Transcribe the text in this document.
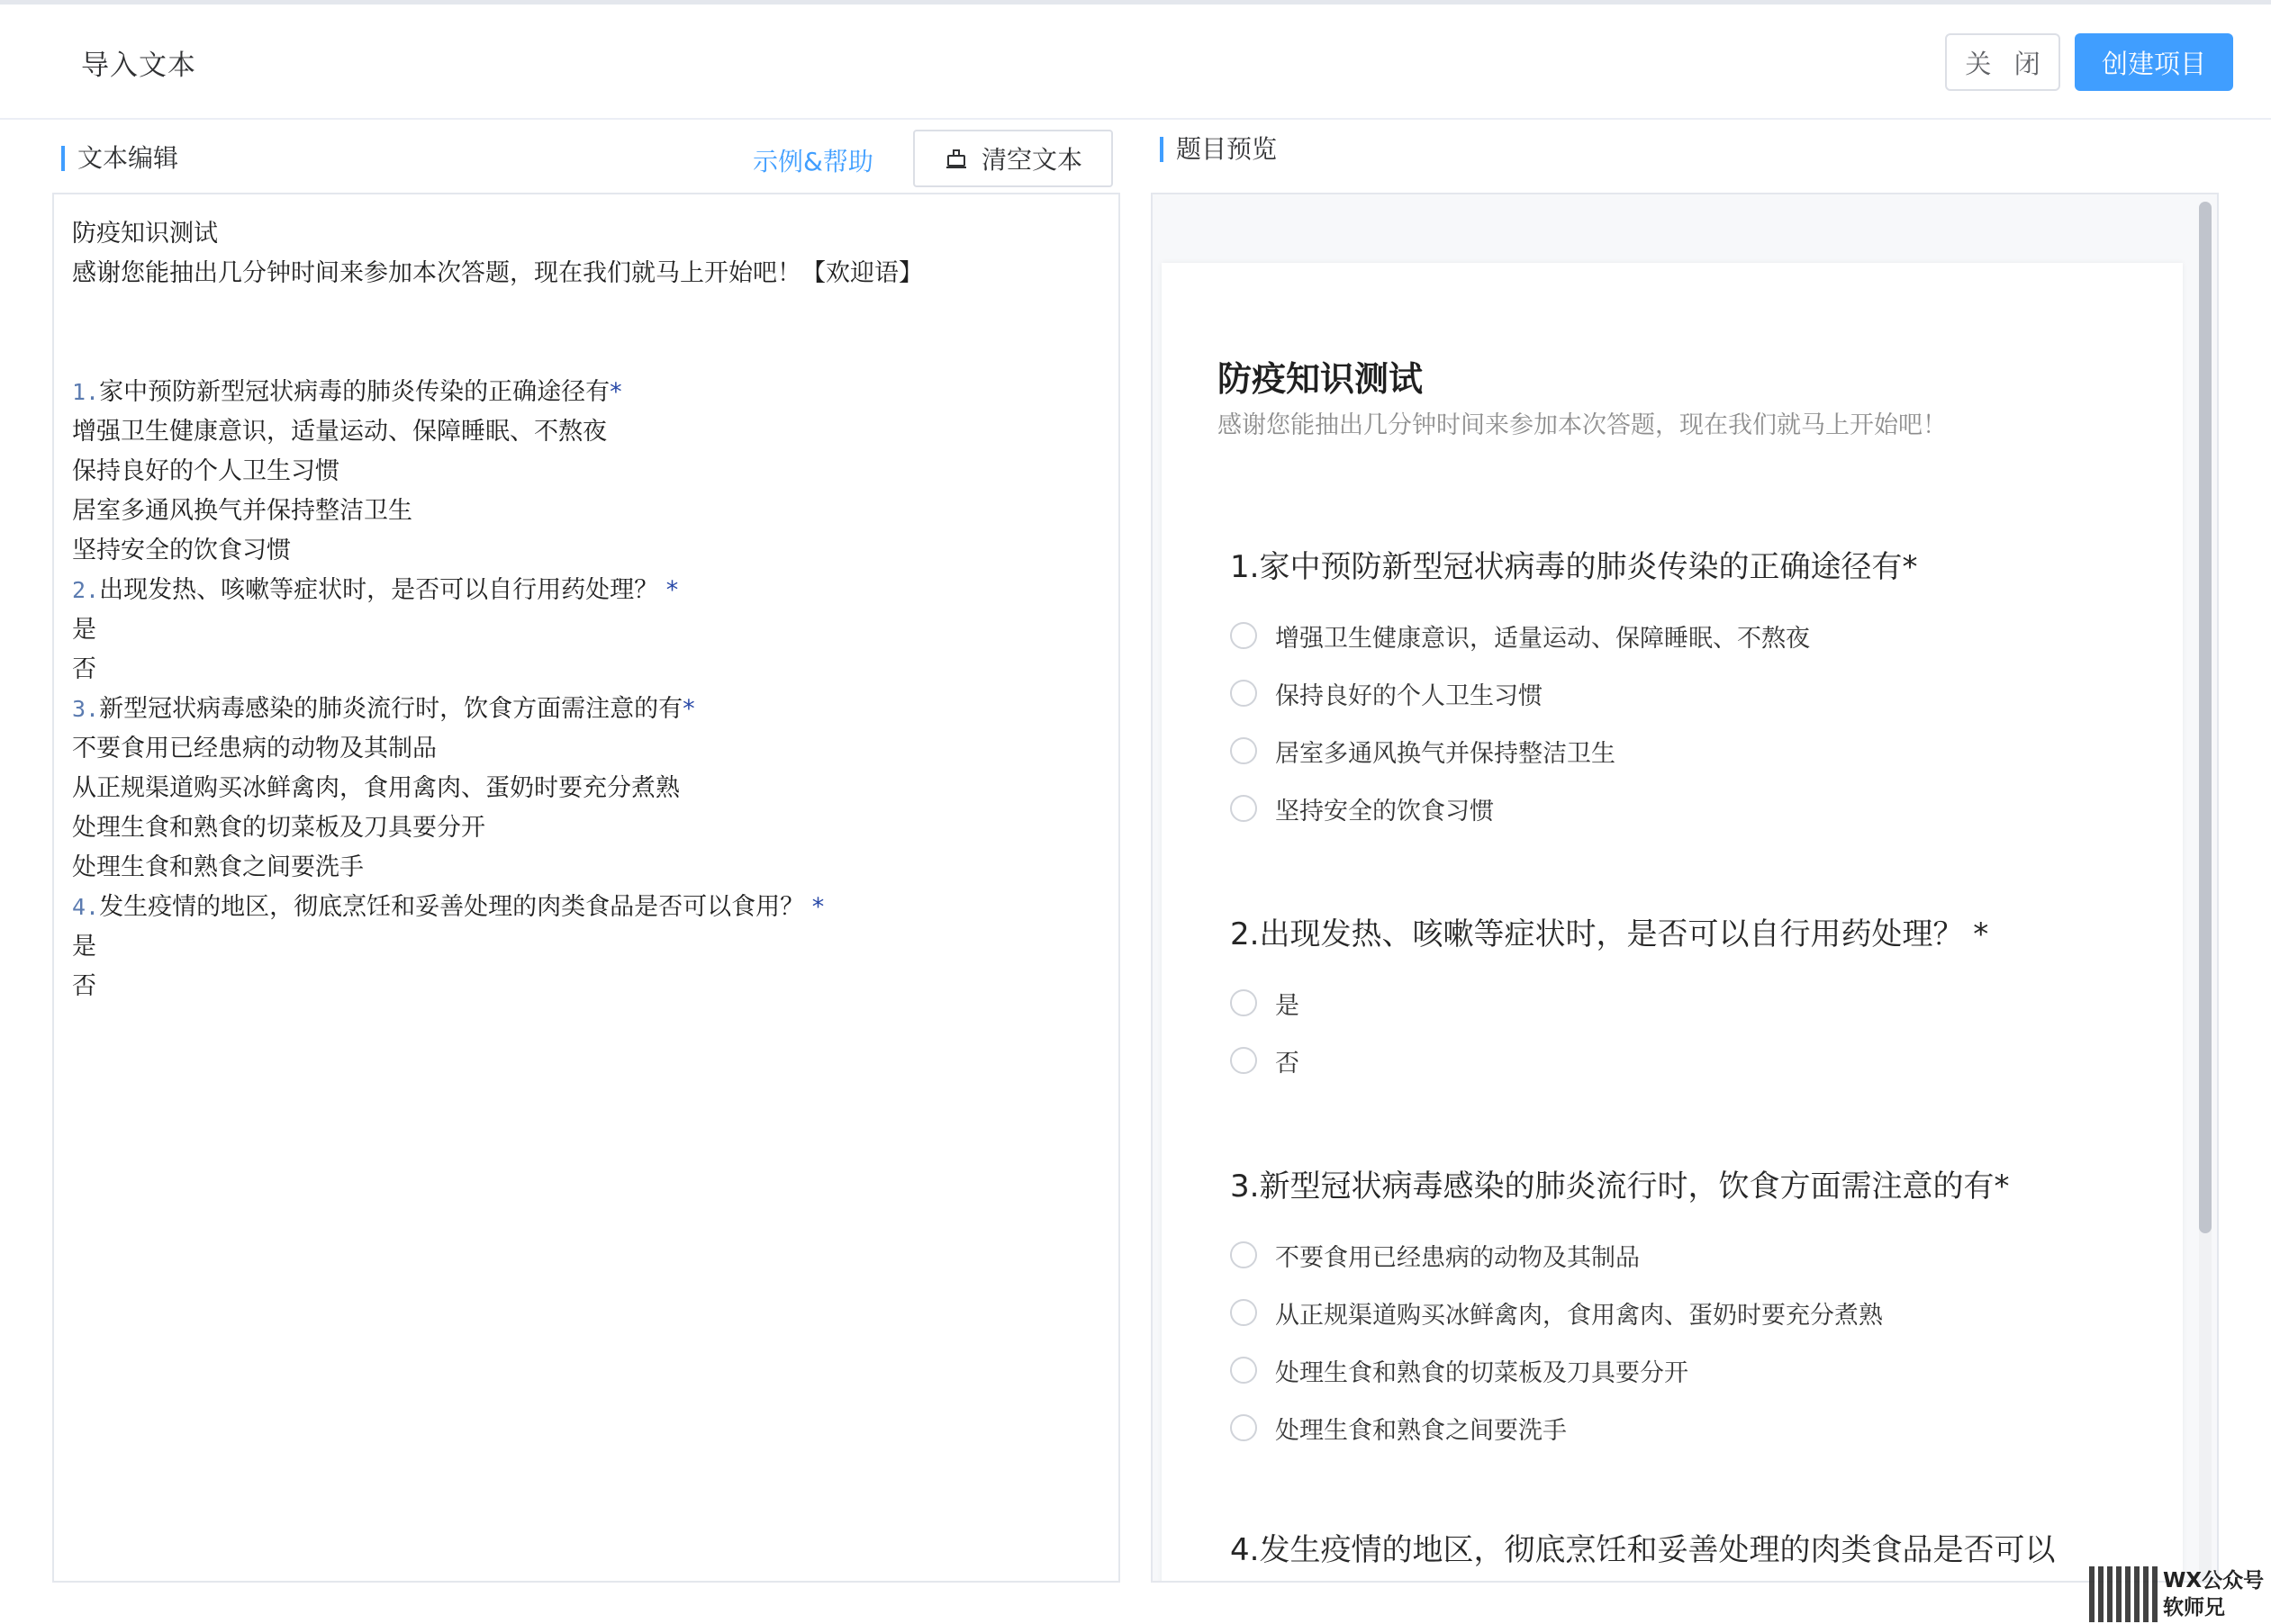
导入文本	关 闭	创建项目
文本编辑	示例&帮助	清空文本	题目预览
防疫知识测试
感谢您能抽出几分钟时间来参加本次答题，现在我们就马上开始吧！【欢迎语】
1.家中预防新型冠状病毒的肺炎传染的正确途径有*
增强卫生健康意识，适量运动、保障睡眠、不熬夜
保持良好的个人卫生习惯
居室多通风换气并保持整洁卫生
坚持安全的饮食习惯
2.出现发热、咳嗽等症状时，是否可以自行用药处理？ *
是
否
3.新型冠状病毒感染的肺炎流行时，饮食方面需注意的有*
不要食用已经患病的动物及其制品
从正规渠道购买冰鲜禽肉，食用禽肉、蛋奶时要充分煮熟
处理生食和熟食的切菜板及刀具要分开
处理生食和熟食之间要洗手
4.发生疫情的地区，彻底烹饪和妥善处理的肉类食品是否可以食用？ *
是
否
防疫知识测试
感谢您能抽出几分钟时间来参加本次答题，现在我们就马上开始吧！
1.家中预防新型冠状病毒的肺炎传染的正确途径有*
增强卫生健康意识，适量运动、保障睡眠、不熬夜
保持良好的个人卫生习惯
居室多通风换气并保持整洁卫生
坚持安全的饮食习惯
2.出现发热、咳嗽等症状时，是否可以自行用药处理？ *
是
否
3.新型冠状病毒感染的肺炎流行时，饮食方面需注意的有*
不要食用已经患病的动物及其制品
从正规渠道购买冰鲜禽肉，食用禽肉、蛋奶时要充分煮熟
处理生食和熟食的切菜板及刀具要分开
处理生食和熟食之间要洗手
4.发生疫情的地区，彻底烹饪和妥善处理的肉类食品是否可以
WX公众号
软师兄
